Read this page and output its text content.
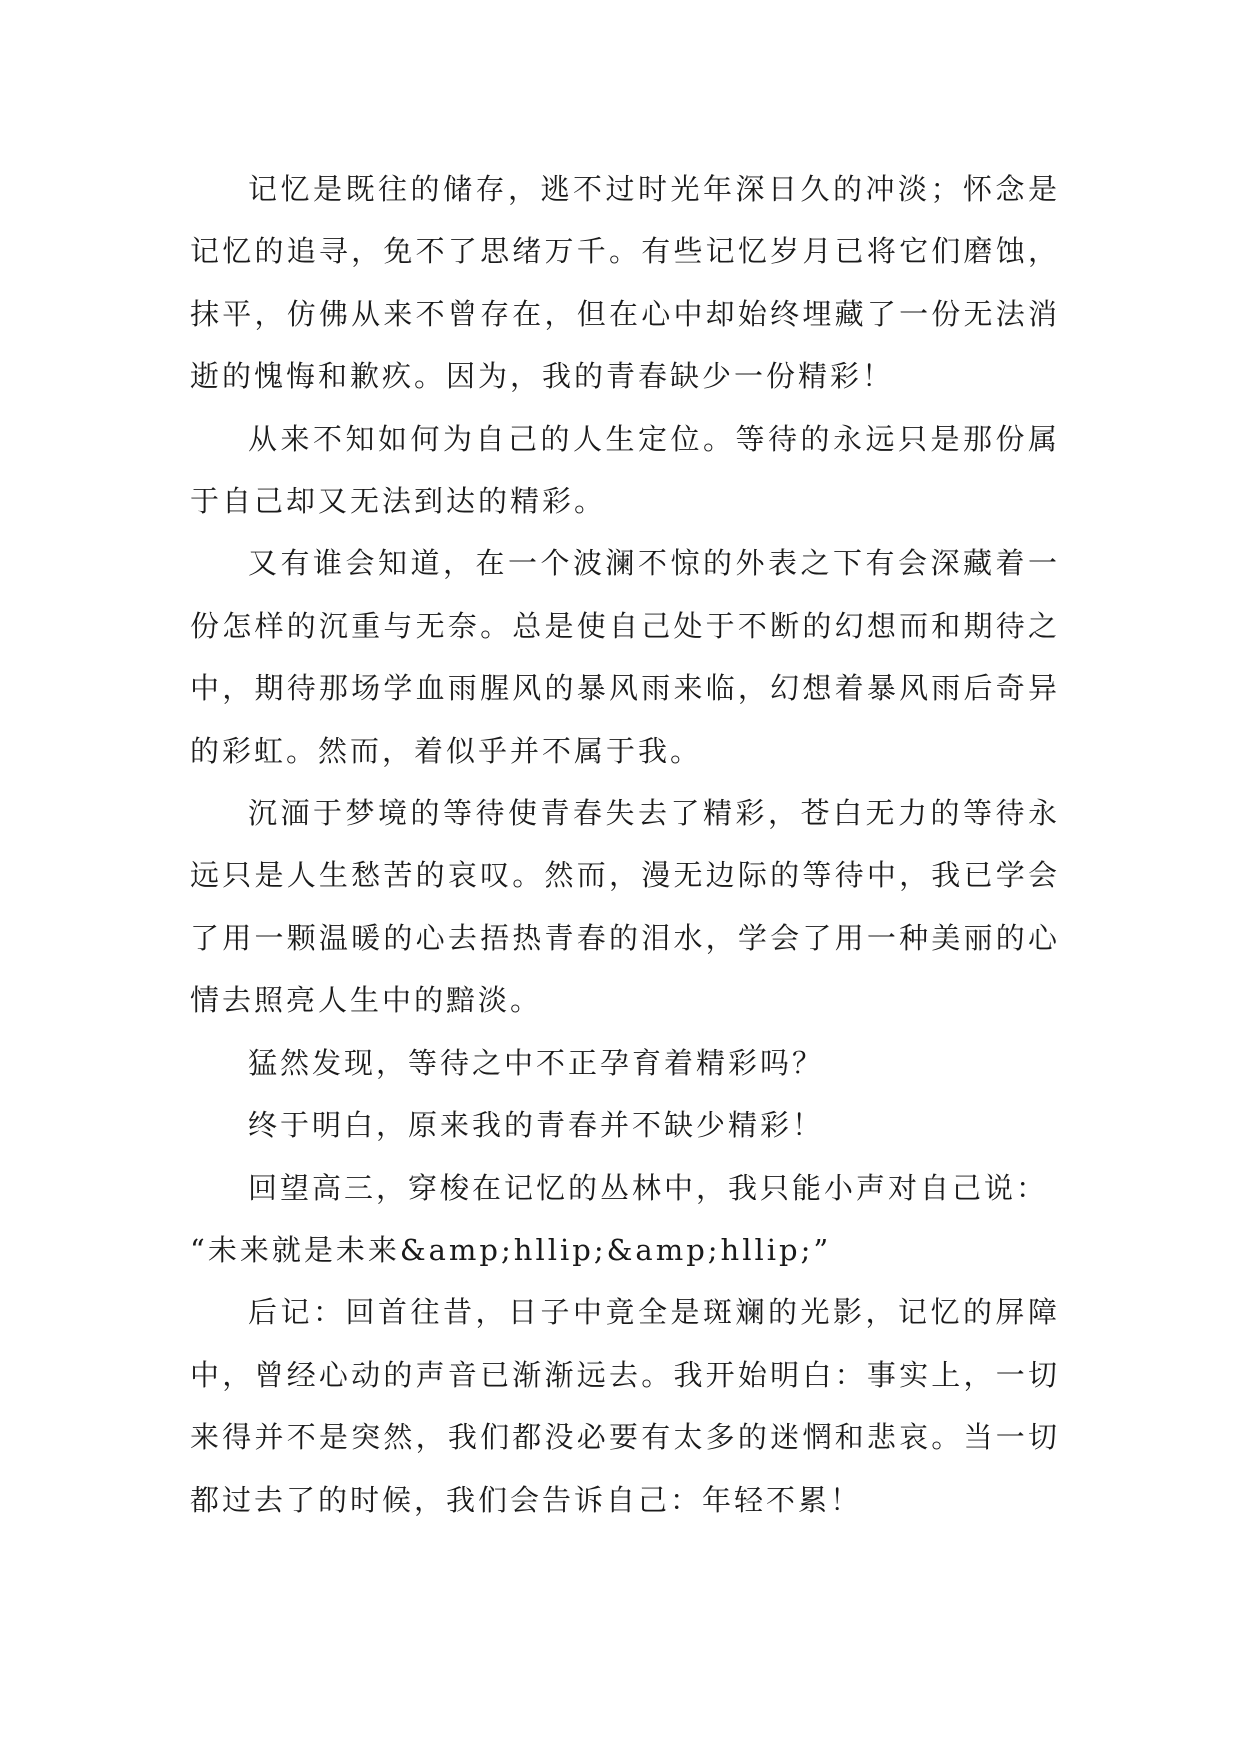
记忆是既往的储存，逃不过时光年深日久的冲淡；怀念是记忆的追寻，免不了思绪万千。有些记忆岁月已将它们磨蚀，抹平，仿佛从来不曾存在，但在心中却始终埋藏了一份无法消逝的愧悔和歉疚。因为，我的青春缺少一份精彩！

从来不知如何为自己的人生定位。等待的永远只是那份属于自己却又无法到达的精彩。

又有谁会知道，在一个波澜不惊的外表之下有会深藏着一份怎样的沉重与无奈。总是使自己处于不断的幻想而和期待之中，期待那场学血雨腥风的暴风雨来临，幻想着暴风雨后奇异的彩虹。然而，着似乎并不属于我。

沉湎于梦境的等待使青春失去了精彩，苍白无力的等待永远只是人生愁苦的哀叹。然而，漫无边际的等待中，我已学会了用一颗温暖的心去捂热青春的泪水，学会了用一种美丽的心情去照亮人生中的黯淡。

猛然发现，等待之中不正孕育着精彩吗？

终于明白，原来我的青春并不缺少精彩！

回望高三，穿梭在记忆的丛林中，我只能小声对自己说：

“未来就是未来&amp;hllip;&amp;hllip;”

后记：回首往昔，日子中竟全是斑斓的光影，记忆的屏障中，曾经心动的声音已渐渐远去。我开始明白：事实上，一切来得并不是突然，我们都没必要有太多的迷惘和悲哀。当一切都过去了的时候，我们会告诉自己：年轻不累！
